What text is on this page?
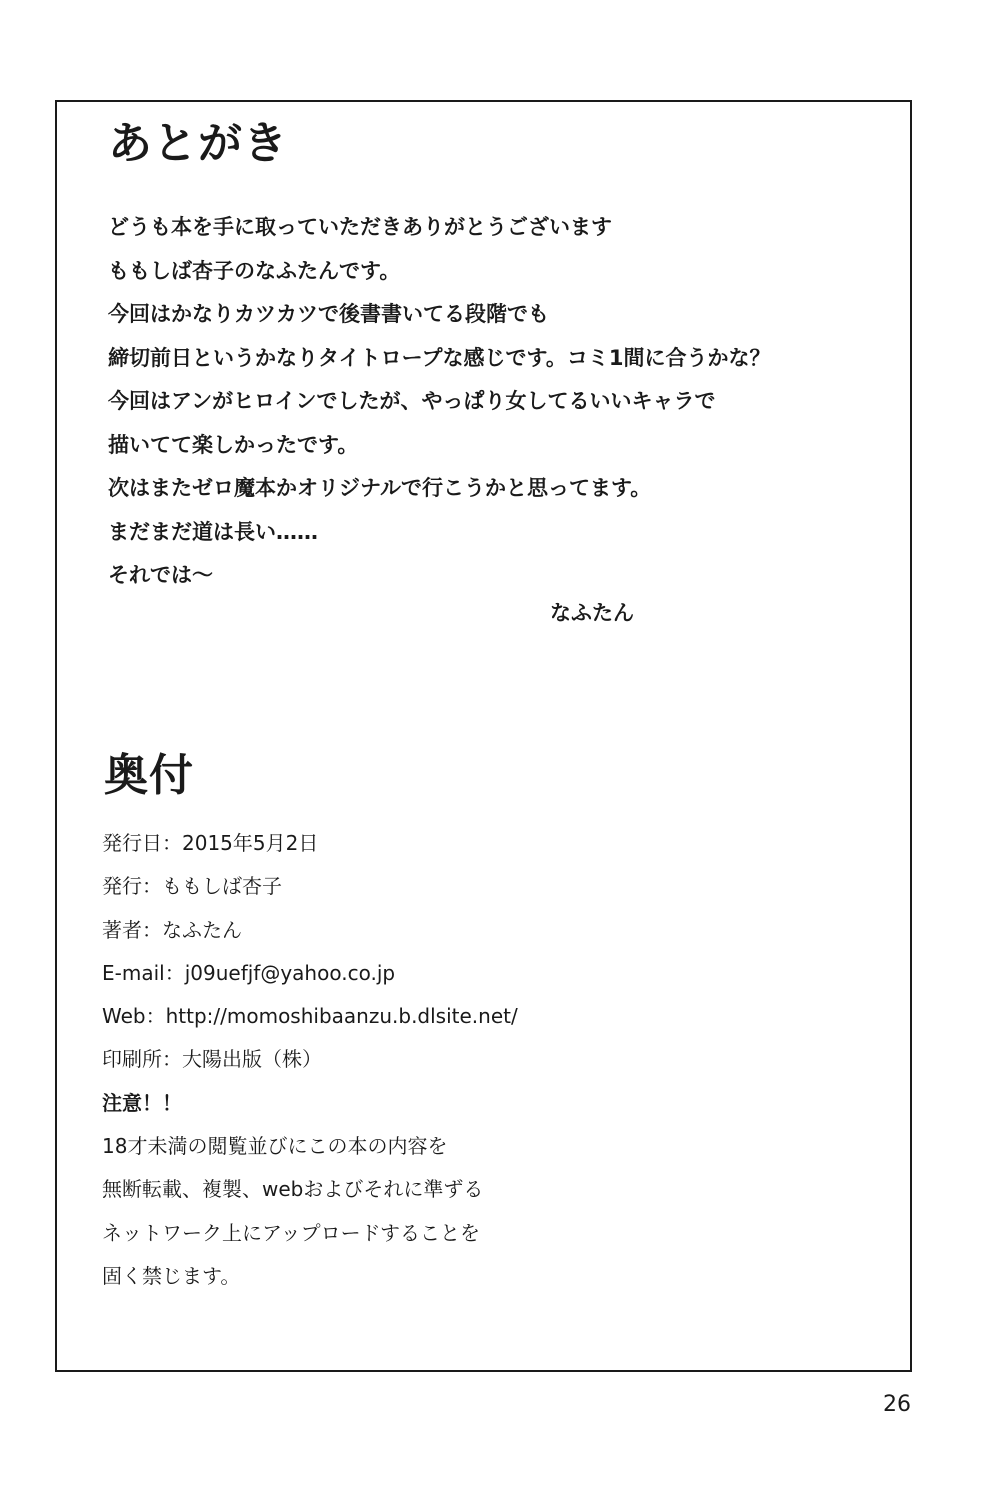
あとがき
どうも本を手に取っていただきありがとうございます
ももしば杏子のなふたんです。
今回はかなりカツカツで後書書いてる段階でも
締切前日というかなりタイトロープな感じです。コミ1間に合うかな？
今回はアンがヒロインでしたが、やっぱり女してるいいキャラで
描いてて楽しかったです。
次はまたゼロ魔本かオリジナルで行こうかと思ってます。
まだまだ道は長い……
それでは～
なふたん
奥付
発行日：2015年5月2日
発行：ももしば杏子
著者：なふたん
E-mail：j09uefjf@yahoo.co.jp
Web：http://momoshibaanzu.b.dlsite.net/
印刷所：大陽出版（株）
注意！！
18才未満の閲覧並びにこの本の内容を
無断転載、複製、webおよびそれに準ずる
ネットワーク上にアップロードすることを
固く禁じます。
26
